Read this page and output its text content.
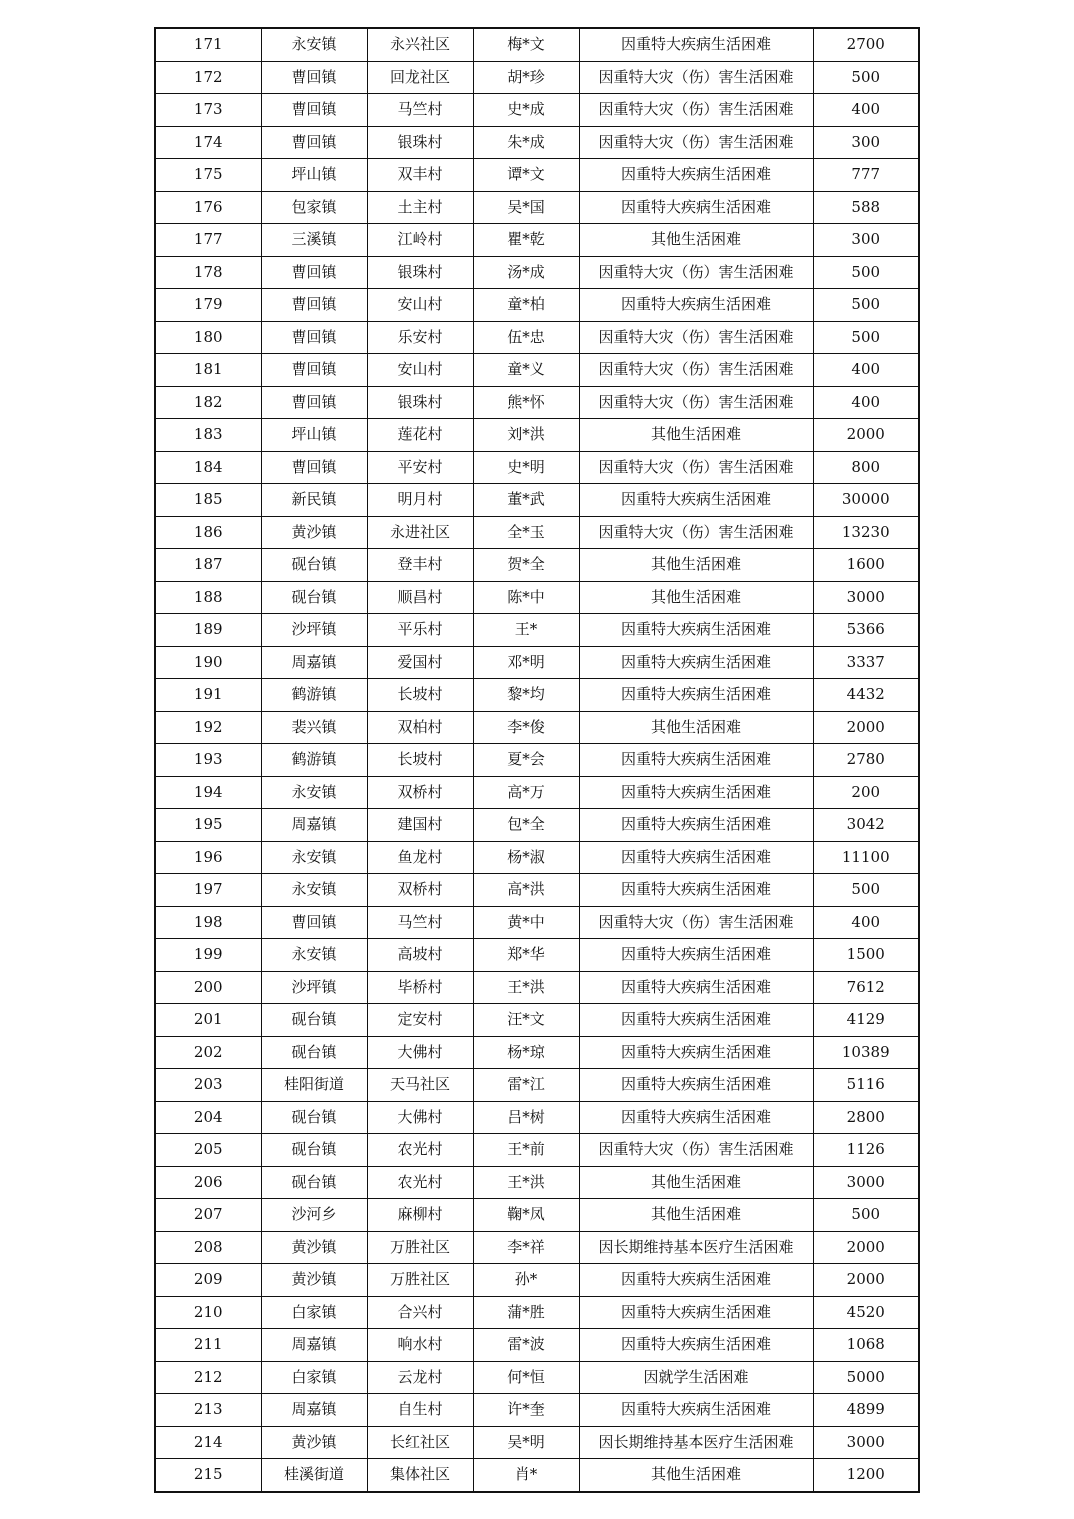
171	永安镇	永兴社区	梅*文	因重特大疾病生活困难	2700
172	曹回镇	回龙社区	胡*珍	因重特大灾（伤）害生活困难	500
173	曹回镇	马竺村	史*成	因重特大灾（伤）害生活困难	400
174	曹回镇	银珠村	朱*成	因重特大灾（伤）害生活困难	300
175	坪山镇	双丰村	谭*文	因重特大疾病生活困难	777
176	包家镇	土主村	吴*国	因重特大疾病生活困难	588
177	三溪镇	江岭村	瞿*乾	其他生活困难	300
178	曹回镇	银珠村	汤*成	因重特大灾（伤）害生活困难	500
179	曹回镇	安山村	童*柏	因重特大疾病生活困难	500
180	曹回镇	乐安村	伍*忠	因重特大灾（伤）害生活困难	500
181	曹回镇	安山村	童*义	因重特大灾（伤）害生活困难	400
182	曹回镇	银珠村	熊*怀	因重特大灾（伤）害生活困难	400
183	坪山镇	莲花村	刘*洪	其他生活困难	2000
184	曹回镇	平安村	史*明	因重特大灾（伤）害生活困难	800
185	新民镇	明月村	董*武	因重特大疾病生活困难	30000
186	黄沙镇	永进社区	全*玉	因重特大灾（伤）害生活困难	13230
187	砚台镇	登丰村	贺*全	其他生活困难	1600
188	砚台镇	顺昌村	陈*中	其他生活困难	3000
189	沙坪镇	平乐村	王*	因重特大疾病生活困难	5366
190	周嘉镇	爱国村	邓*明	因重特大疾病生活困难	3337
191	鹤游镇	长坡村	黎*均	因重特大疾病生活困难	4432
192	裴兴镇	双柏村	李*俊	其他生活困难	2000
193	鹤游镇	长坡村	夏*会	因重特大疾病生活困难	2780
194	永安镇	双桥村	高*万	因重特大疾病生活困难	200
195	周嘉镇	建国村	包*全	因重特大疾病生活困难	3042
196	永安镇	鱼龙村	杨*淑	因重特大疾病生活困难	11100
197	永安镇	双桥村	高*洪	因重特大疾病生活困难	500
198	曹回镇	马竺村	黄*中	因重特大灾（伤）害生活困难	400
199	永安镇	高坡村	郑*华	因重特大疾病生活困难	1500
200	沙坪镇	毕桥村	王*洪	因重特大疾病生活困难	7612
201	砚台镇	定安村	汪*文	因重特大疾病生活困难	4129
202	砚台镇	大佛村	杨*琼	因重特大疾病生活困难	10389
203	桂阳街道	天马社区	雷*江	因重特大疾病生活困难	5116
204	砚台镇	大佛村	吕*树	因重特大疾病生活困难	2800
205	砚台镇	农光村	王*前	因重特大灾（伤）害生活困难	1126
206	砚台镇	农光村	王*洪	其他生活困难	3000
207	沙河乡	麻柳村	鞠*凤	其他生活困难	500
208	黄沙镇	万胜社区	李*祥	因长期维持基本医疗生活困难	2000
209	黄沙镇	万胜社区	孙*	因重特大疾病生活困难	2000
210	白家镇	合兴村	蒲*胜	因重特大疾病生活困难	4520
211	周嘉镇	响水村	雷*波	因重特大疾病生活困难	1068
212	白家镇	云龙村	何*恒	因就学生活困难	5000
213	周嘉镇	自生村	许*奎	因重特大疾病生活困难	4899
214	黄沙镇	长红社区	吴*明	因长期维持基本医疗生活困难	3000
215	桂溪街道	集体社区	肖*	其他生活困难	1200
